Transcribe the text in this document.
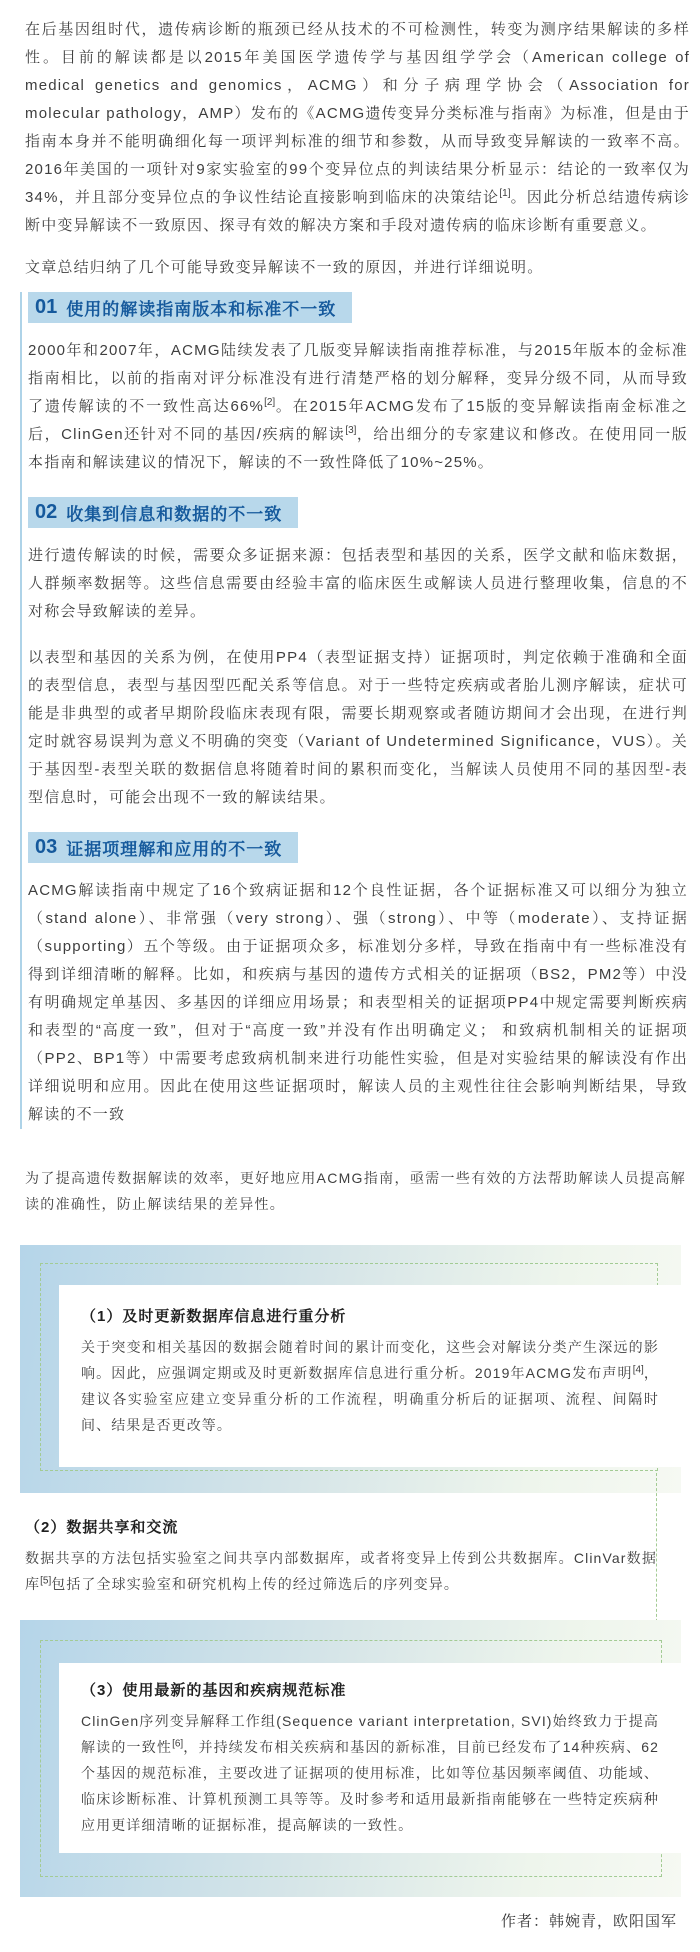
在后基因组时代，遗传病诊断的瓶颈已经从技术的不可检测性，转变为测序结果解读的多样性。目前的解读都是以2015年美国医学遗传学与基因组学学会（American college of medical genetics and genomics，ACMG）和分子病理学协会（Association for molecular pathology，AMP）发布的《ACMG遗传变异分类标准与指南》为标准，但是由于指南本身并不能明确细化每一项评判标准的细节和参数，从而导致变异解读的一致率不高。2016年美国的一项针对9家实验室的99个变异位点的判读结果分析显示：结论的一致率仅为34%，并且部分变异位点的争议性结论直接影响到临床的决策结论[1]。因此分析总结遗传病诊断中变异解读不一致原因、探寻有效的解决方案和手段对遗传病的临床诊断有重要意义。

文章总结归纳了几个可能导致变异解读不一致的原因，并进行详细说明。

01 使用的解读指南版本和标准不一致

2000年和2007年，ACMG陆续发表了几版变异解读指南推荐标准，与2015年版本的金标准指南相比，以前的指南对评分标准没有进行清楚严格的划分解释，变异分级不同，从而导致了遗传解读的不一致性高达66%[2]。在2015年ACMG发布了15版的变异解读指南金标准之后，ClinGen还针对不同的基因/疾病的解读[3]，给出细分的专家建议和修改。在使用同一版本指南和解读建议的情况下，解读的不一致性降低了10%~25%。

02 收集到信息和数据的不一致

进行遗传解读的时候，需要众多证据来源：包括表型和基因的关系，医学文献和临床数据，人群频率数据等。这些信息需要由经验丰富的临床医生或解读人员进行整理收集，信息的不对称会导致解读的差异。

以表型和基因的关系为例，在使用PP4（表型证据支持）证据项时，判定依赖于准确和全面的表型信息，表型与基因型匹配关系等信息。对于一些特定疾病或者胎儿测序解读，症状可能是非典型的或者早期阶段临床表现有限，需要长期观察或者随访期间才会出现，在进行判定时就容易误判为意义不明确的突变（Variant of Undetermined Significance，VUS）。关于基因型-表型关联的数据信息将随着时间的累积而变化，当解读人员使用不同的基因型-表型信息时，可能会出现不一致的解读结果。

03 证据项理解和应用的不一致

ACMG解读指南中规定了16个致病证据和12个良性证据，各个证据标准又可以细分为独立（stand alone）、非常强（very strong）、强（strong）、中等（moderate）、支持证据（supporting）五个等级。由于证据项众多，标准划分多样，导致在指南中有一些标准没有得到详细清晰的解释。比如，和疾病与基因的遗传方式相关的证据项（BS2，PM2等）中没有明确规定单基因、多基因的详细应用场景；和表型相关的证据项PP4中规定需要判断疾病和表型的“高度一致”，但对于“高度一致”并没有作出明确定义； 和致病机制相关的证据项（PP2、BP1等）中需要考虑致病机制来进行功能性实验，但是对实验结果的解读没有作出详细说明和应用。因此在使用这些证据项时，解读人员的主观性往往会影响判断结果，导致解读的不一致

为了提高遗传数据解读的效率，更好地应用ACMG指南，亟需一些有效的方法帮助解读人员提高解读的准确性，防止解读结果的差异性。

（1）及时更新数据库信息进行重分析

关于突变和相关基因的数据会随着时间的累计而变化，这些会对解读分类产生深远的影响。因此，应强调定期或及时更新数据库信息进行重分析。2019年ACMG发布声明[4]，建议各实验室应建立变异重分析的工作流程，明确重分析后的证据项、流程、间隔时间、结果是否更改等。

（2）数据共享和交流

数据共享的方法包括实验室之间共享内部数据库，或者将变异上传到公共数据库。ClinVar数据库[5]包括了全球实验室和研究机构上传的经过筛选后的序列变异。

（3）使用最新的基因和疾病规范标准

ClinGen序列变异解释工作组(Sequence variant interpretation, SVI)始终致力于提高解读的一致性[6]，并持续发布相关疾病和基因的新标准，目前已经发布了14种疾病、62个基因的规范标准，主要改进了证据项的使用标准，比如等位基因频率阈值、功能域、临床诊断标准、计算机预测工具等等。及时参考和适用最新指南能够在一些特定疾病种应用更详细清晰的证据标准，提高解读的一致性。

作者：韩婉青，欧阳国军
